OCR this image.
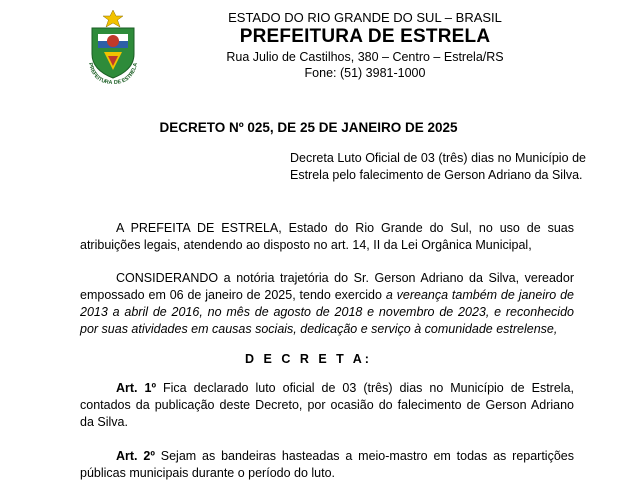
PREFEITURA DE ESTRELA
ESTADO DO RIO GRANDE DO SUL – BRASIL
PREFEITURA DE ESTRELA
Rua Julio de Castilhos, 380 – Centro – Estrela/RS
Fone: (51) 3981-1000
DECRETO Nº 025, DE 25 DE JANEIRO DE 2025
Decreta Luto Oficial de 03 (três) dias no Município de Estrela pelo falecimento de Gerson Adriano da Silva.
A PREFEITA DE ESTRELA, Estado do Rio Grande do Sul, no uso de suas atribuições legais, atendendo ao disposto no art. 14, II da Lei Orgânica Municipal,
CONSIDERANDO a notória trajetória do Sr. Gerson Adriano da Silva, vereador empossado em 06 de janeiro de 2025, tendo exercido a vereança também de janeiro de 2013 a abril de 2016, no mês de agosto de 2018 e novembro de 2023, e reconhecido por suas atividades em causas sociais, dedicação e serviço à comunidade estrelense,
D E C R E T A:
Art. 1º Fica declarado luto oficial de 03 (três) dias no Município de Estrela, contados da publicação deste Decreto, por ocasião do falecimento de Gerson Adriano da Silva.
Art. 2º Sejam as bandeiras hasteadas a meio-mastro em todas as repartições públicas municipais durante o período do luto.
